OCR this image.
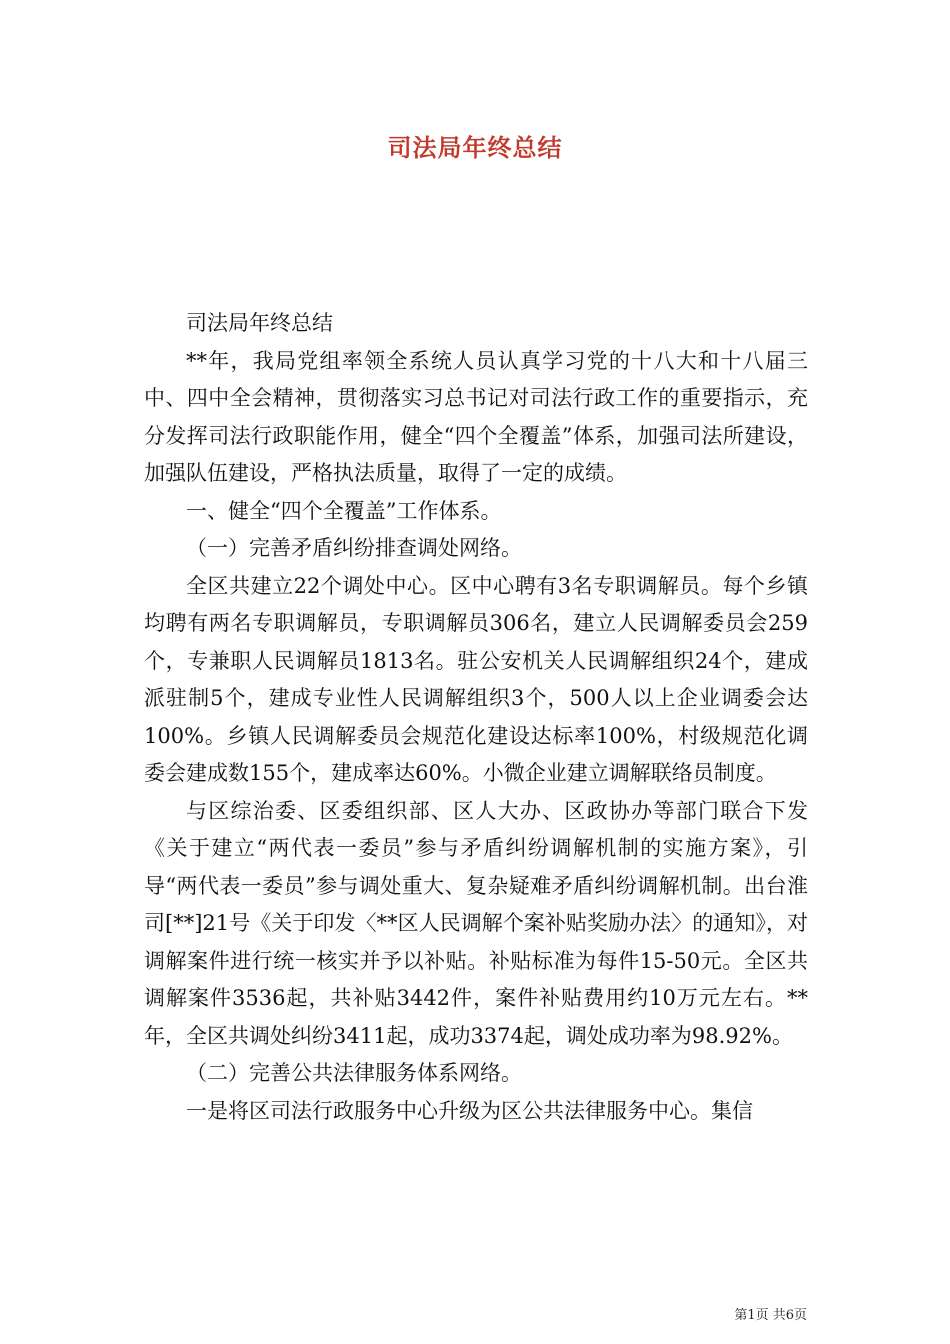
司法局年终总结

司法局年终总结

**年，我局党组率领全系统人员认真学习党的十八大和十八届三中、四中全会精神，贯彻落实习总书记对司法行政工作的重要指示，充分发挥司法行政职能作用，健全“四个全覆盖”体系，加强司法所建设，加强队伍建设，严格执法质量，取得了一定的成绩。

一、健全“四个全覆盖”工作体系。

（一）完善矛盾纠纷排查调处网络。

全区共建立22个调处中心。区中心聘有3名专职调解员。每个乡镇均聘有两名专职调解员，专职调解员306名，建立人民调解委员会259个，专兼职人民调解员1813名。驻公安机关人民调解组织24个，建成派驻制5个，建成专业性人民调解组织3个，500人以上企业调委会达100%。乡镇人民调解委员会规范化建设达标率100%，村级规范化调委会建成数155个，建成率达60%。小微企业建立调解联络员制度。

与区综治委、区委组织部、区人大办、区政协办等部门联合下发《关于建立“两代表一委员”参与矛盾纠纷调解机制的实施方案》，引导“两代表一委员”参与调处重大、复杂疑难矛盾纠纷调解机制。出台淮司[**]21号《关于印发〈**区人民调解个案补贴奖励办法〉的通知》，对调解案件进行统一核实并予以补贴。补贴标准为每件15-50元。全区共调解案件3536起，共补贴3442件，案件补贴费用约10万元左右。**年，全区共调处纠纷3411起，成功3374起，调处成功率为98.92%。

（二）完善公共法律服务体系网络。

一是将区司法行政服务中心升级为区公共法律服务中心。集信

第1页 共6页
